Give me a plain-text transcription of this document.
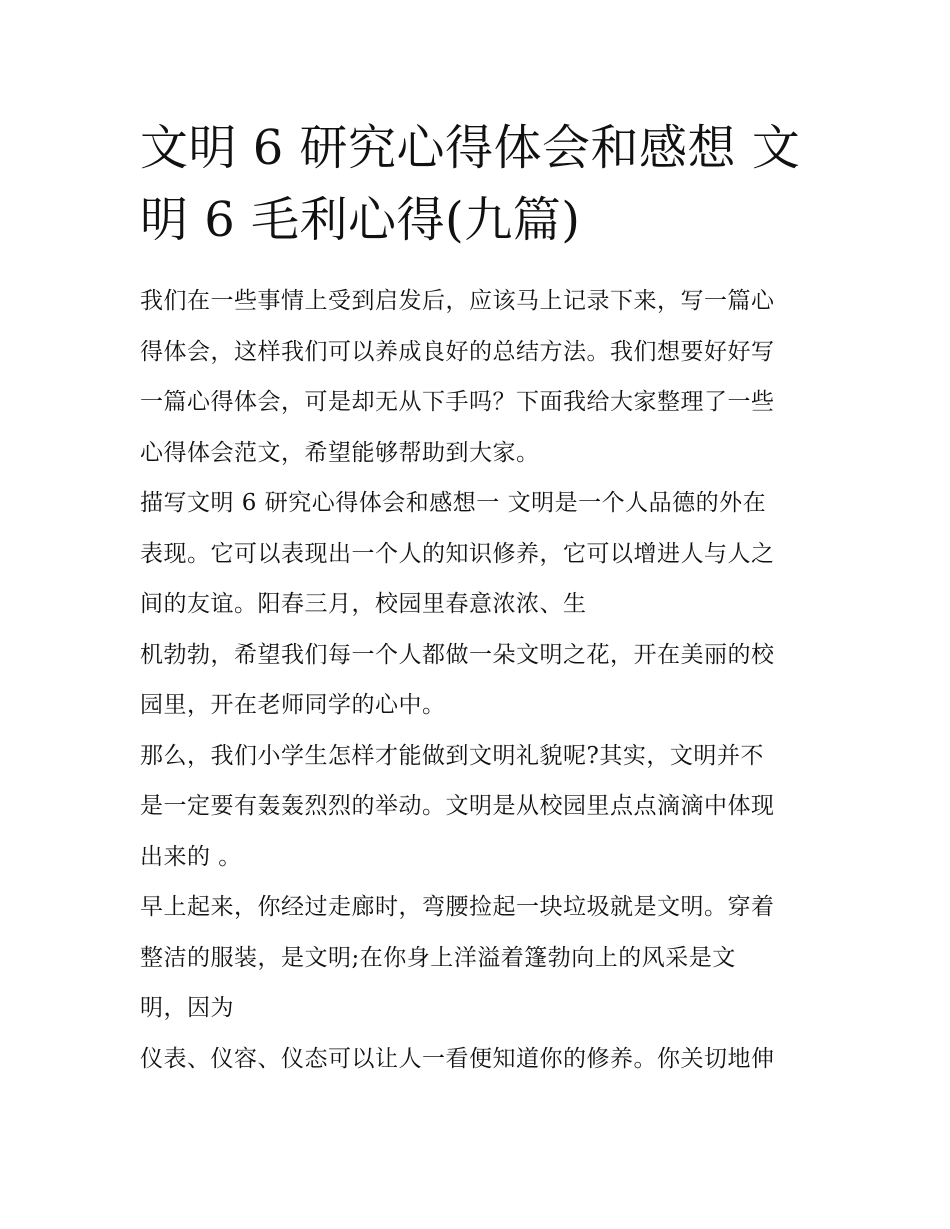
文明 6 研究心得体会和感想 文
明 6 毛利心得(九篇)
我们在一些事情上受到启发后，应该马上记录下来，写一篇心
得体会，这样我们可以养成良好的总结方法。我们想要好好写
一篇心得体会，可是却无从下手吗？下面我给大家整理了一些
心得体会范文，希望能够帮助到大家。
描写文明 6 研究心得体会和感想一 文明是一个人品德的外在
表现。它可以表现出一个人的知识修养，它可以增进人与人之
间的友谊。阳春三月，校园里春意浓浓、生
机勃勃，希望我们每一个人都做一朵文明之花，开在美丽的校
园里，开在老师同学的心中。
那么，我们小学生怎样才能做到文明礼貌呢?其实，文明并不
是一定要有轰轰烈烈的举动。文明是从校园里点点滴滴中体现
出来的 。
早上起来，你经过走廊时，弯腰捡起一块垃圾就是文明。穿着
整洁的服装，是文明;在你身上洋溢着篷勃向上的风采是文
明，因为
仪表、仪容、仪态可以让人一看便知道你的修养。你关切地伸
